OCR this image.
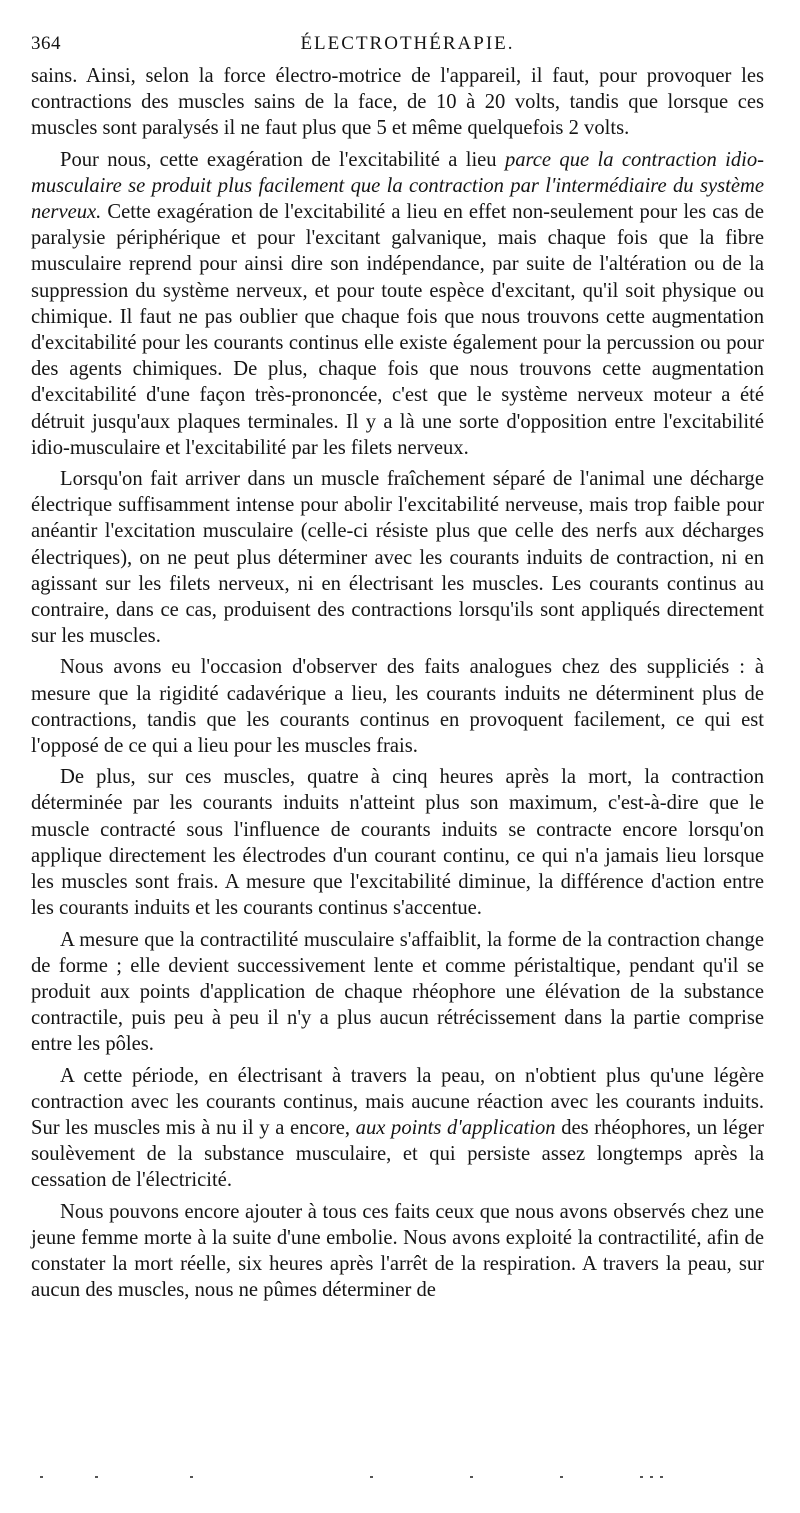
364	ÉLECTROTHÉRAPIE.

sains. Ainsi, selon la force électro-motrice de l'appareil, il faut, pour provoquer les contractions des muscles sains de la face, de 10 à 20 volts, tandis que lorsque ces muscles sont paralysés il ne faut plus que 5 et même quelquefois 2 volts.

Pour nous, cette exagération de l'excitabilité a lieu parce que la contraction idio-musculaire se produit plus facilement que la contraction par l'intermédiaire du système nerveux. Cette exagération de l'excitabilité a lieu en effet non-seulement pour les cas de paralysie périphérique et pour l'excitant galvanique, mais chaque fois que la fibre musculaire reprend pour ainsi dire son indépendance, par suite de l'altération ou de la suppression du système nerveux, et pour toute espèce d'excitant, qu'il soit physique ou chimique. Il faut ne pas oublier que chaque fois que nous trouvons cette augmentation d'excitabilité pour les courants continus elle existe également pour la percussion ou pour des agents chimiques. De plus, chaque fois que nous trouvons cette augmentation d'excitabilité d'une façon très-prononcée, c'est que le système nerveux moteur a été détruit jusqu'aux plaques terminales. Il y a là une sorte d'opposition entre l'excitabilité idio-musculaire et l'excitabilité par les filets nerveux.

Lorsqu'on fait arriver dans un muscle fraîchement séparé de l'animal une décharge électrique suffisamment intense pour abolir l'excitabilité nerveuse, mais trop faible pour anéantir l'excitation musculaire (celle-ci résiste plus que celle des nerfs aux décharges électriques), on ne peut plus déterminer avec les courants induits de contraction, ni en agissant sur les filets nerveux, ni en électrisant les muscles. Les courants continus au contraire, dans ce cas, produisent des contractions lorsqu'ils sont appliqués directement sur les muscles.

Nous avons eu l'occasion d'observer des faits analogues chez des suppliciés : à mesure que la rigidité cadavérique a lieu, les courants induits ne déterminent plus de contractions, tandis que les courants continus en provoquent facilement, ce qui est l'opposé de ce qui a lieu pour les muscles frais.

De plus, sur ces muscles, quatre à cinq heures après la mort, la contraction déterminée par les courants induits n'atteint plus son maximum, c'est-à-dire que le muscle contracté sous l'influence de courants induits se contracte encore lorsqu'on applique directement les électrodes d'un courant continu, ce qui n'a jamais lieu lorsque les muscles sont frais. A mesure que l'excitabilité diminue, la différence d'action entre les courants induits et les courants continus s'accentue.

A mesure que la contractilité musculaire s'affaiblit, la forme de la contraction change de forme ; elle devient successivement lente et comme péristaltique, pendant qu'il se produit aux points d'application de chaque rhéophore une élévation de la substance contractile, puis peu à peu il n'y a plus aucun rétrécissement dans la partie comprise entre les pôles.

A cette période, en électrisant à travers la peau, on n'obtient plus qu'une légère contraction avec les courants continus, mais aucune réaction avec les courants induits. Sur les muscles mis à nu il y a encore, aux points d'application des rhéophores, un léger soulèvement de la substance musculaire, et qui persiste assez longtemps après la cessation de l'électricité.

Nous pouvons encore ajouter à tous ces faits ceux que nous avons observés chez une jeune femme morte à la suite d'une embolie. Nous avons exploité la contractilité, afin de constater la mort réelle, six heures après l'arrêt de la respiration. A travers la peau, sur aucun des muscles, nous ne pûmes déterminer de
